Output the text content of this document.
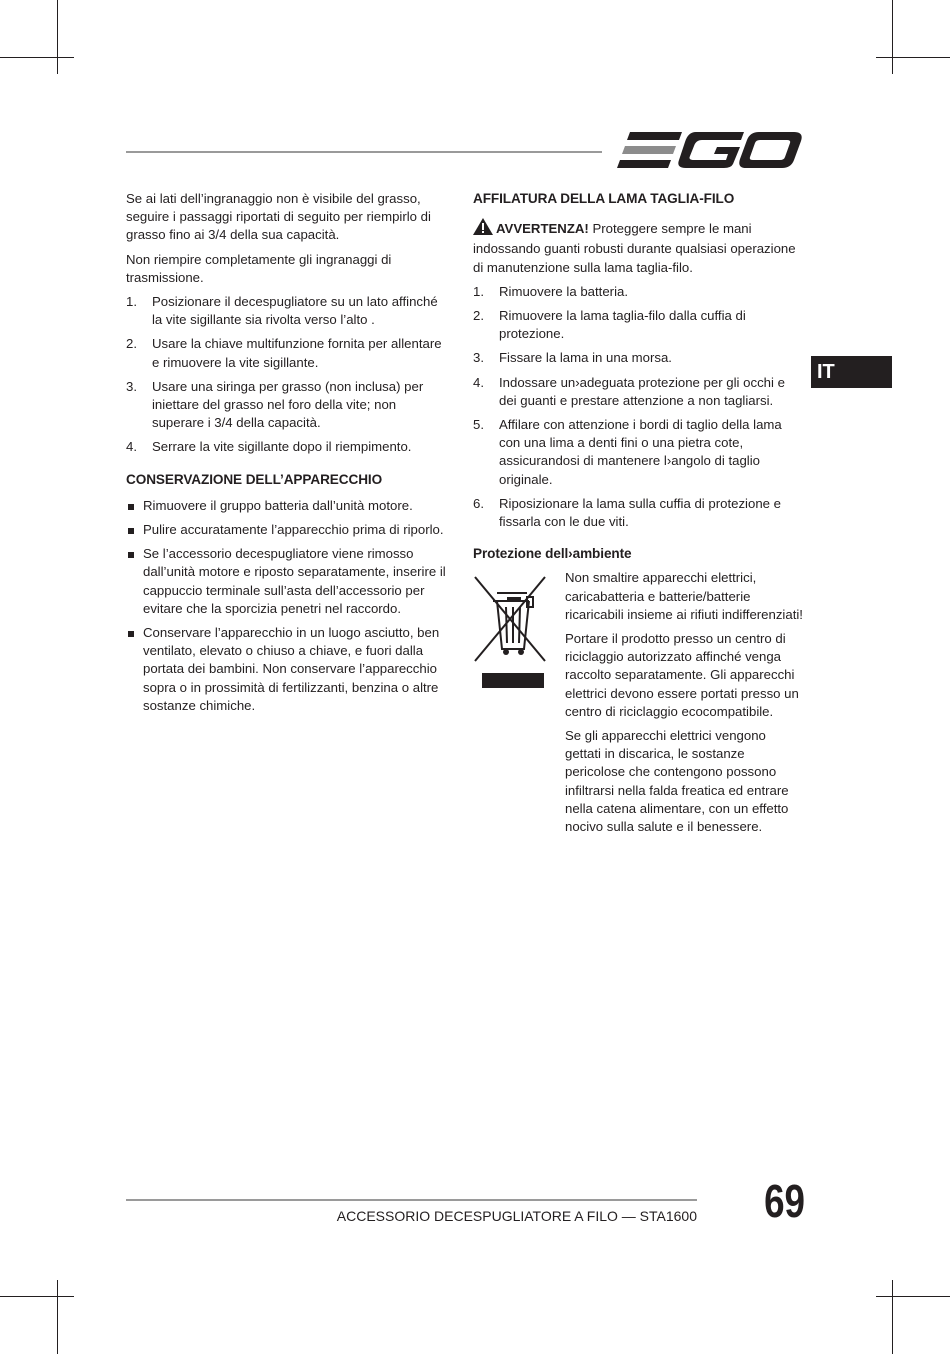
IT

Se ai lati dell’ingranaggio non è visibile del grasso, seguire i passaggi riportati di seguito per riempirlo di grasso fino ai 3/4 della sua capacità.

Non riempire completamente gli ingranaggi di trasmissione.

1. Posizionare il decespugliatore su un lato affinché la vite sigillante sia rivolta verso l’alto .
2. Usare la chiave multifunzione fornita per allentare e rimuovere la vite sigillante.
3. Usare una siringa per grasso (non inclusa) per iniettare del grasso nel foro della vite; non superare i 3/4 della capacità.
4. Serrare la vite sigillante dopo il riempimento.
CONSERVAZIONE DELL’APPARECCHIO
Rimuovere il gruppo batteria dall’unità motore.
Pulire accuratamente l’apparecchio prima di riporlo.
Se l’accessorio decespugliatore viene rimosso dall’unità motore e riposto separatamente, inserire il cappuccio terminale sull’asta dell’accessorio per evitare che la sporcizia penetri nel raccordo.
Conservare l’apparecchio in un luogo asciutto, ben ventilato, elevato o chiuso a chiave, e fuori dalla portata dei bambini. Non conservare l’apparecchio sopra o in prossimità di fertilizzanti, benzina o altre sostanze chimiche.
AFFILATURA DELLA LAMA TAGLIA-FILO

AVVERTENZA! Proteggere sempre le mani indossando guanti robusti durante qualsiasi operazione di manutenzione sulla lama taglia-filo.

1. Rimuovere la batteria.
2. Rimuovere la lama taglia-filo dalla cuffia di protezione.
3. Fissare la lama in una morsa.
4. Indossare un›adeguata protezione per gli occhi e dei guanti e prestare attenzione a non tagliarsi.
5. Affilare con attenzione i bordi di taglio della lama con una lima a denti fini o una pietra cote, assicurandosi di mantenere l›angolo di taglio originale.
6. Riposizionare la lama sulla cuffia di protezione e fissarla con le due viti.
Protezione dell›ambiente

Non smaltire apparecchi elettrici, caricabatteria e batterie/batterie ricaricabili insieme ai rifiuti indifferenziati!

Portare il prodotto presso un centro di riciclaggio autorizzato affinché venga raccolto separatamente. Gli apparecchi elettrici devono essere portati presso un centro di riciclaggio ecocompatibile.

Se gli apparecchi elettrici vengono gettati in discarica, le sostanze pericolose che contengono possono infiltrarsi nella falda freatica ed entrare nella catena alimentare, con un effetto nocivo sulla salute e il benessere.

ACCESSORIO DECESPUGLIATORE A FILO — STA1600 69
